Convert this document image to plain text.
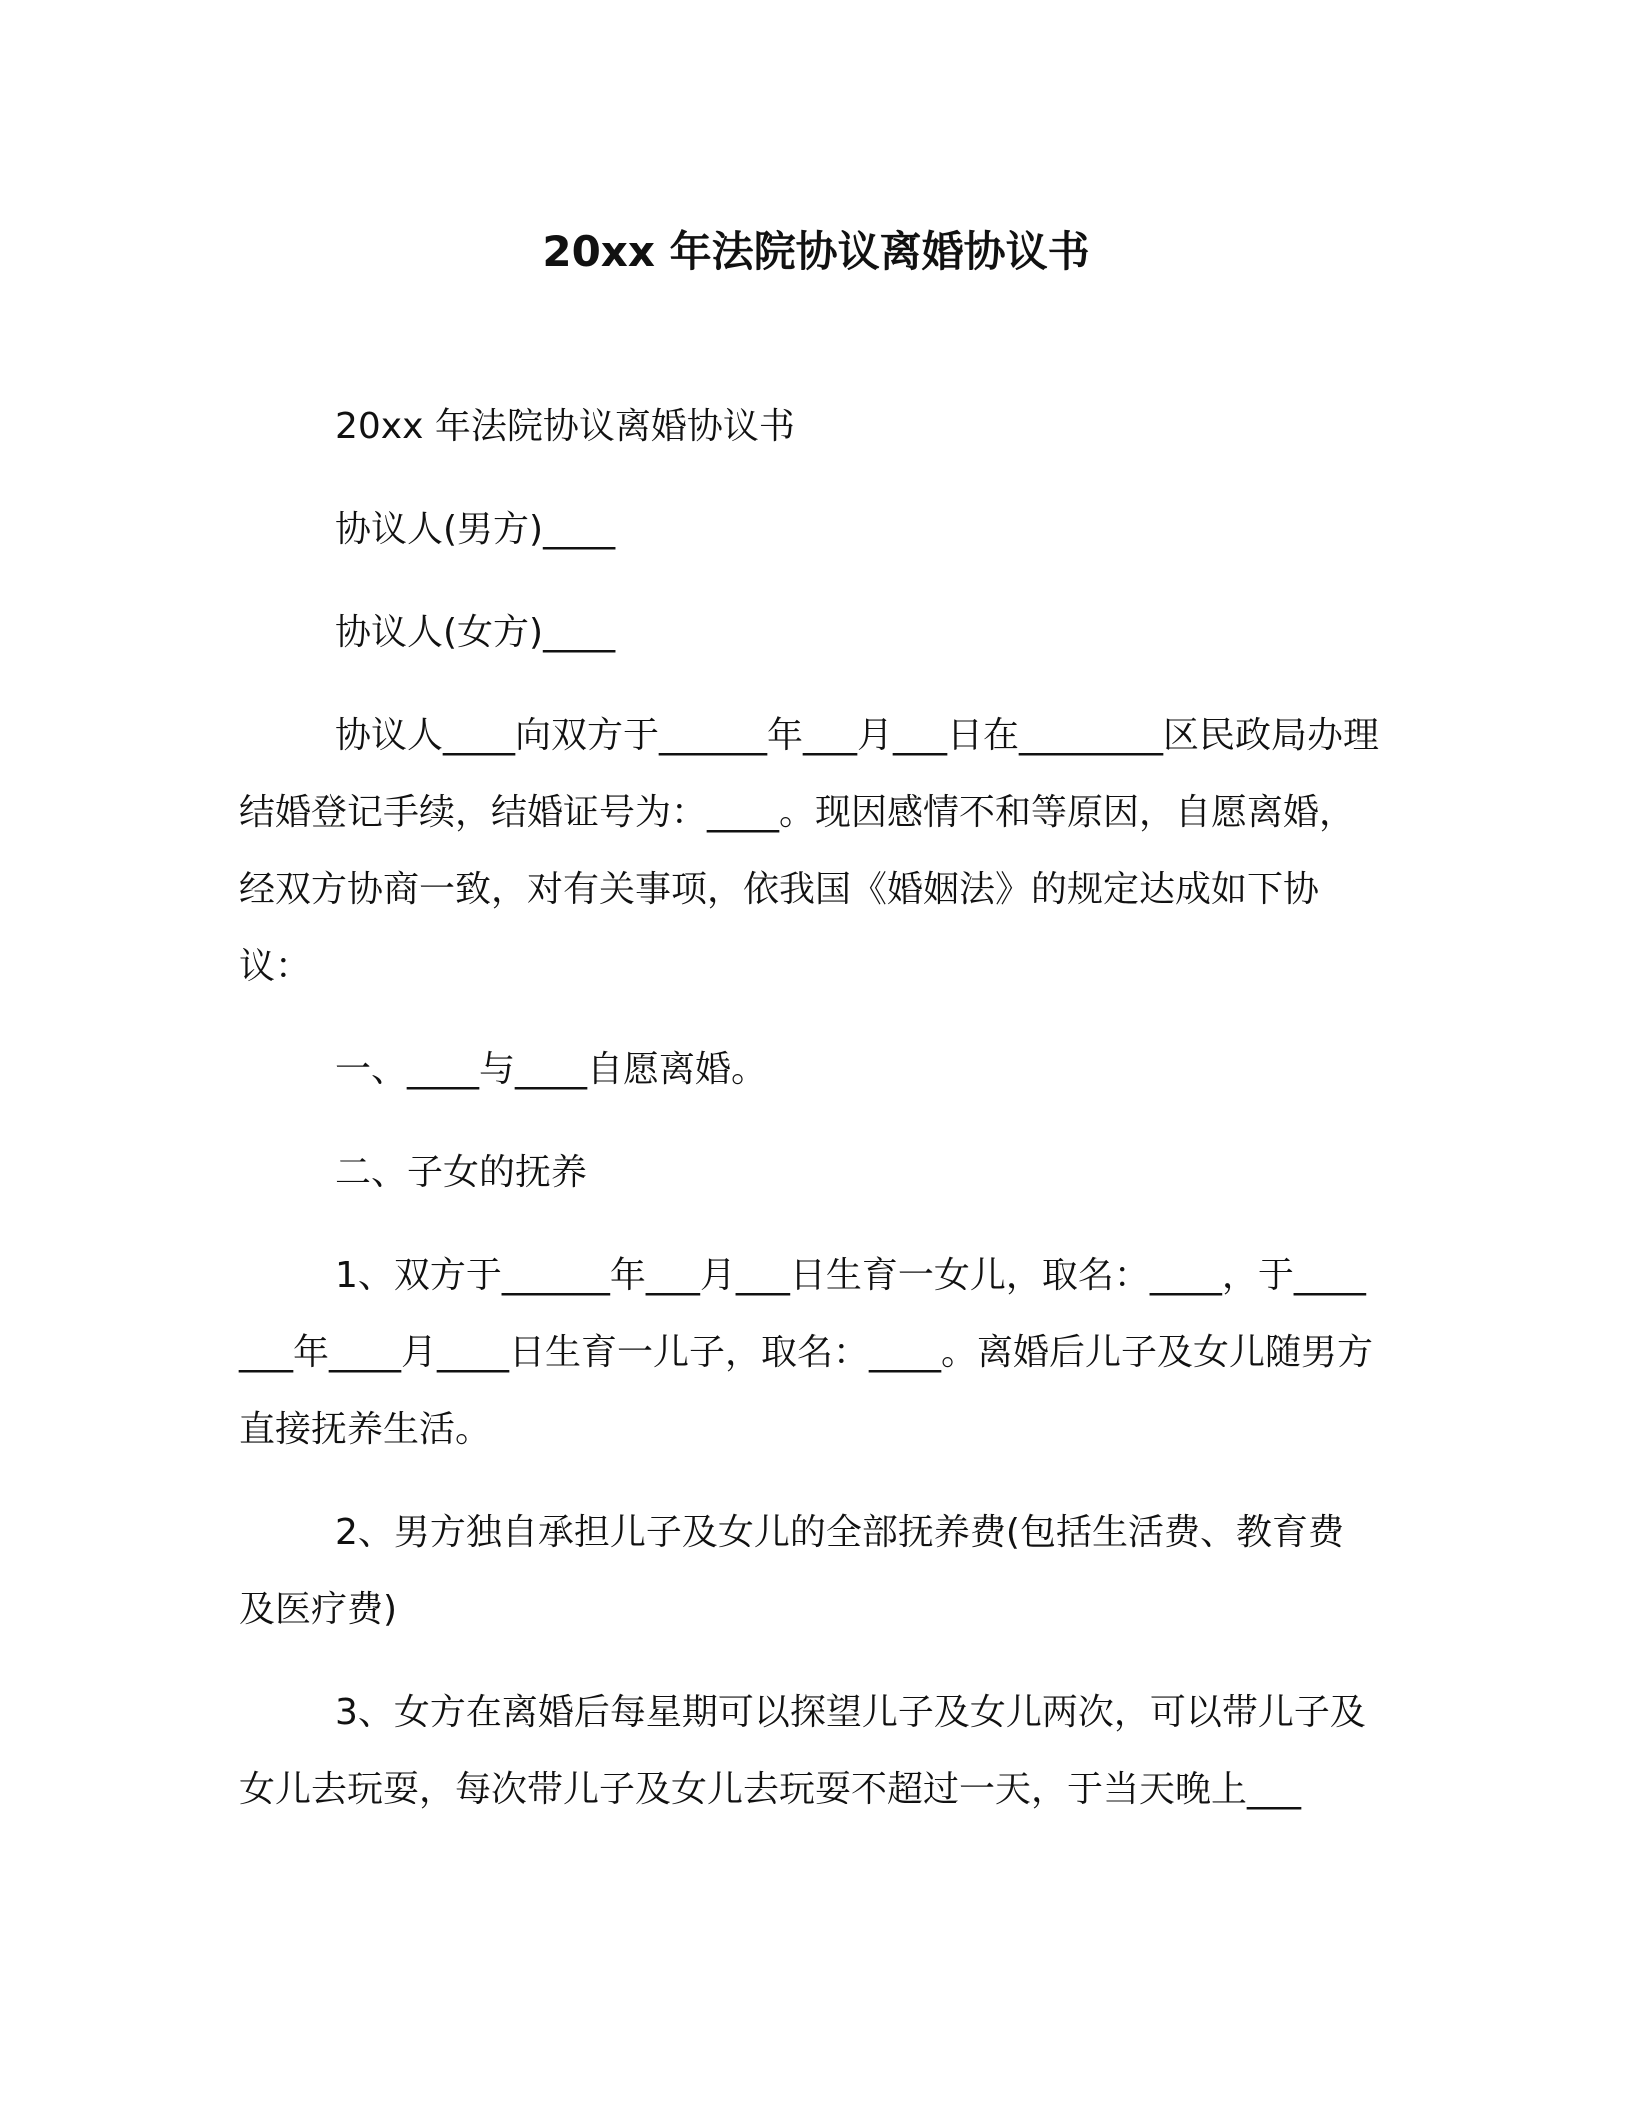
20xx 年法院协议离婚协议书

20xx 年法院协议离婚协议书

协议人(男方)____

协议人(女方)____

协议人____向双方于______年___月___日在________区民政局办理结婚登记手续，结婚证号为：____。现因感情不和等原因，自愿离婚，经双方协商一致，对有关事项，依我国《婚姻法》的规定达成如下协议：

一、____与____自愿离婚。

二、子女的抚养

1、双方于______年___月___日生育一女儿，取名：____，于_______年____月____日生育一儿子，取名：____。离婚后儿子及女儿随男方直接抚养生活。

2、男方独自承担儿子及女儿的全部抚养费(包括生活费、教育费及医疗费)

3、女方在离婚后每星期可以探望儿子及女儿两次，可以带儿子及女儿去玩耍，每次带儿子及女儿去玩耍不超过一天，于当天晚上___
